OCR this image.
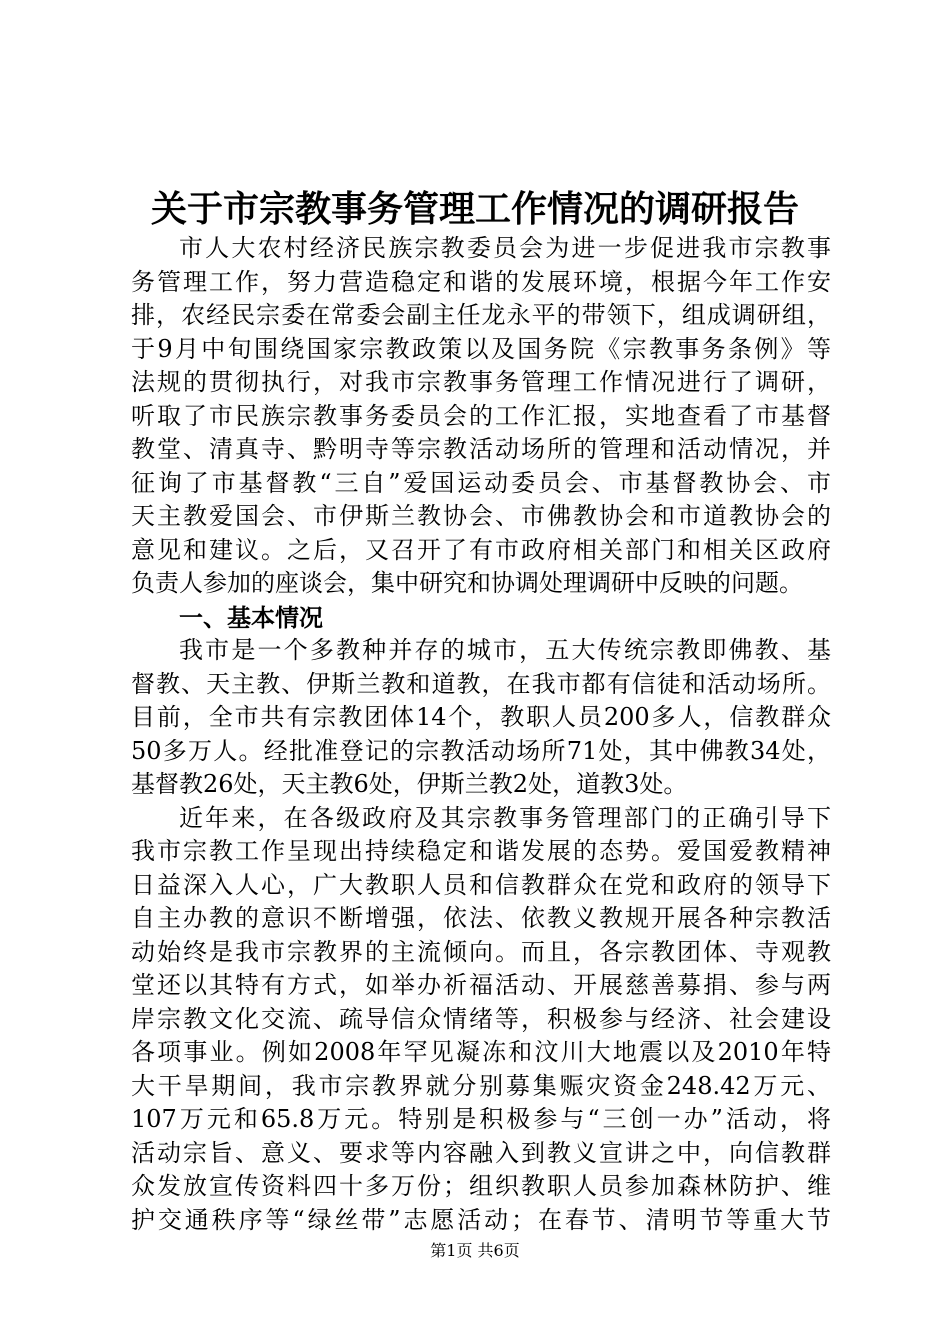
关于市宗教事务管理工作情况的调研报告
市人大农村经济民族宗教委员会为进一步促进我市宗教事
务管理工作，努力营造稳定和谐的发展环境，根据今年工作安
排，农经民宗委在常委会副主任龙永平的带领下，组成调研组，
于9月中旬围绕国家宗教政策以及国务院《宗教事务条例》等
法规的贯彻执行，对我市宗教事务管理工作情况进行了调研，
听取了市民族宗教事务委员会的工作汇报，实地查看了市基督
教堂、清真寺、黔明寺等宗教活动场所的管理和活动情况，并
征询了市基督教“三自”爱国运动委员会、市基督教协会、市
天主教爱国会、市伊斯兰教协会、市佛教协会和市道教协会的
意见和建议。之后，又召开了有市政府相关部门和相关区政府
负责人参加的座谈会，集中研究和协调处理调研中反映的问题。
一、基本情况
我市是一个多教种并存的城市，五大传统宗教即佛教、基
督教、天主教、伊斯兰教和道教，在我市都有信徒和活动场所。
目前，全市共有宗教团体14个，教职人员200多人，信教群众
50多万人。经批准登记的宗教活动场所71处，其中佛教34处，
基督教26处，天主教6处，伊斯兰教2处，道教3处。
近年来，在各级政府及其宗教事务管理部门的正确引导下
我市宗教工作呈现出持续稳定和谐发展的态势。爱国爱教精神
日益深入人心，广大教职人员和信教群众在党和政府的领导下
自主办教的意识不断增强，依法、依教义教规开展各种宗教活
动始终是我市宗教界的主流倾向。而且，各宗教团体、寺观教
堂还以其特有方式，如举办祈福活动、开展慈善募捐、参与两
岸宗教文化交流、疏导信众情绪等，积极参与经济、社会建设
各项事业。例如2008年罕见凝冻和汶川大地震以及2010年特
大干旱期间，我市宗教界就分别募集赈灾资金248.42万元、
107万元和65.8万元。特别是积极参与“三创一办”活动，将
活动宗旨、意义、要求等内容融入到教义宣讲之中，向信教群
众发放宣传资料四十多万份；组织教职人员参加森林防护、维
护交通秩序等“绿丝带”志愿活动；在春节、清明节等重大节
第1页 共6页
